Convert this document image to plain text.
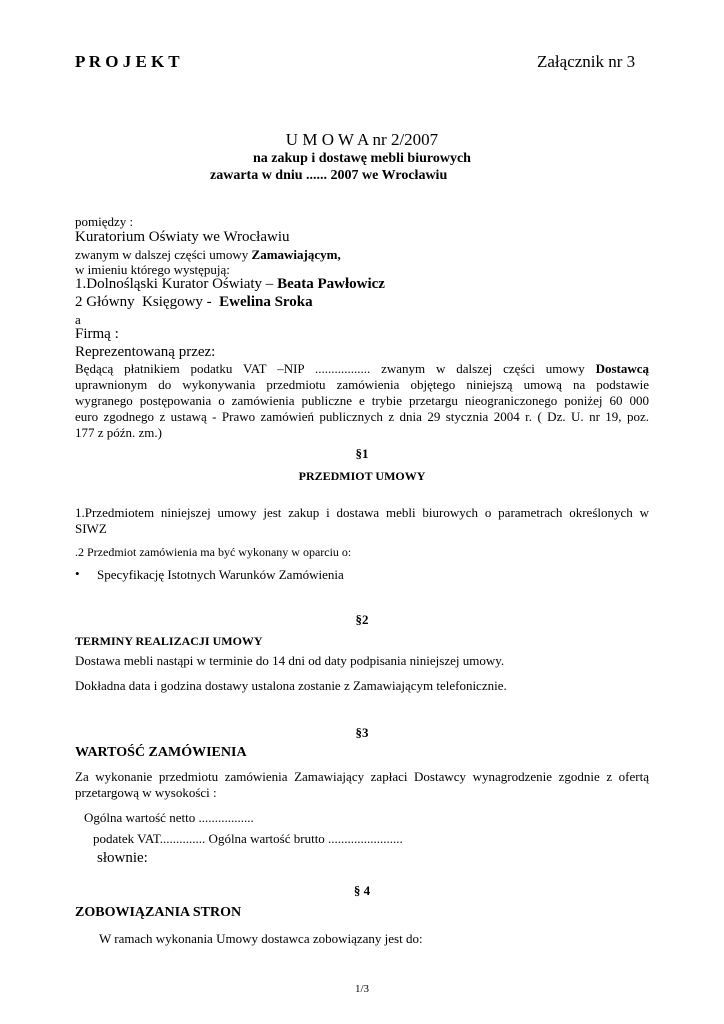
P R O J E K T	Załącznik nr 3
U M O W A nr 2/2007
na zakup i dostawę mebli biurowych
zawarta w dniu ...... 2007 we Wrocławiu
pomiędzy :
Kuratorium Oświaty we Wrocławiu
zwanym w dalszej części umowy Zamawiającym,
w imieniu którego występują:
1.Dolnośląski Kurator Oświaty – Beata Pawłowicz
2 Główny  Księgowy -  Ewelina Sroka
a
Firmą :
Reprezentowaną przez:
Będącą płatnikiem podatku VAT –NIP ................. zwanym w dalszej części umowy Dostawcą
uprawnionym do wykonywania przedmiotu zamówienia objętego niniejszą umową na podstawie
wygranego postępowania o zamówienia publiczne e trybie przetargu nieograniczonego poniżej 60 000
euro zgodnego z ustawą - Prawo zamówień publicznych z dnia 29 stycznia 2004 r. ( Dz. U. nr 19, poz.
177 z późn. zm.)
§1
PRZEDMIOT UMOWY
1.Przedmiotem niniejszej umowy jest zakup i dostawa mebli biurowych o parametrach określonych w
SIWZ
.2 Przedmiot zamówienia ma być wykonany w oparciu o:
• Specyfikację Istotnych Warunków Zamówienia
§2
TERMINY REALIZACJI UMOWY
Dostawa mebli nastąpi w terminie do 14 dni od daty podpisania niniejszej umowy.
Dokładna data i godzina dostawy ustalona zostanie z Zamawiającym telefonicznie.
§3
WARTOŚĆ ZAMÓWIENIA
Za wykonanie przedmiotu zamówienia Zamawiający zapłaci Dostawcy wynagrodzenie zgodnie z ofertą
przetargową w wysokości :
Ogólna wartość netto .................
podatek VAT.............. Ogólna wartość brutto .......................
słownie:
§ 4
ZOBOWIĄZANIA STRON
W ramach wykonania Umowy dostawca zobowiązany jest do:
1/3
